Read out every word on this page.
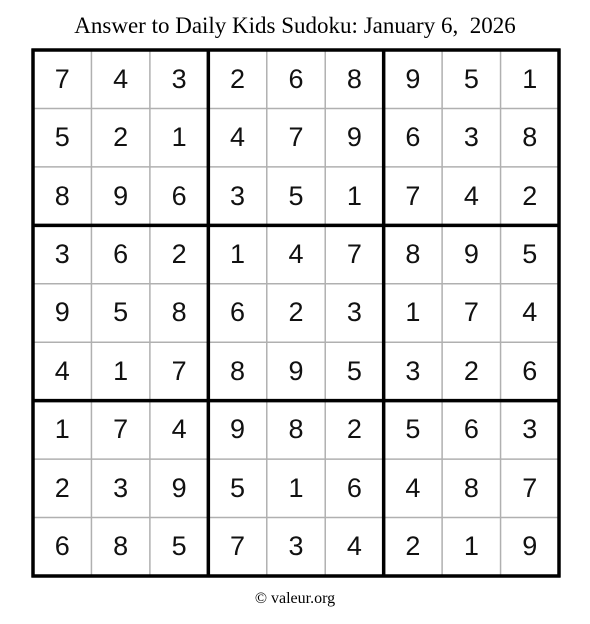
Answer to Daily Kids Sudoku: January 6,  2026
7	4	3	2	6	8	9	5	1
5	2	1	4	7	9	6	3	8
8	9	6	3	5	1	7	4	2
3	6	2	1	4	7	8	9	5
9	5	8	6	2	3	1	7	4
4	1	7	8	9	5	3	2	6
1	7	4	9	8	2	5	6	3
2	3	9	5	1	6	4	8	7
6	8	5	7	3	4	2	1	9
© valeur.org
